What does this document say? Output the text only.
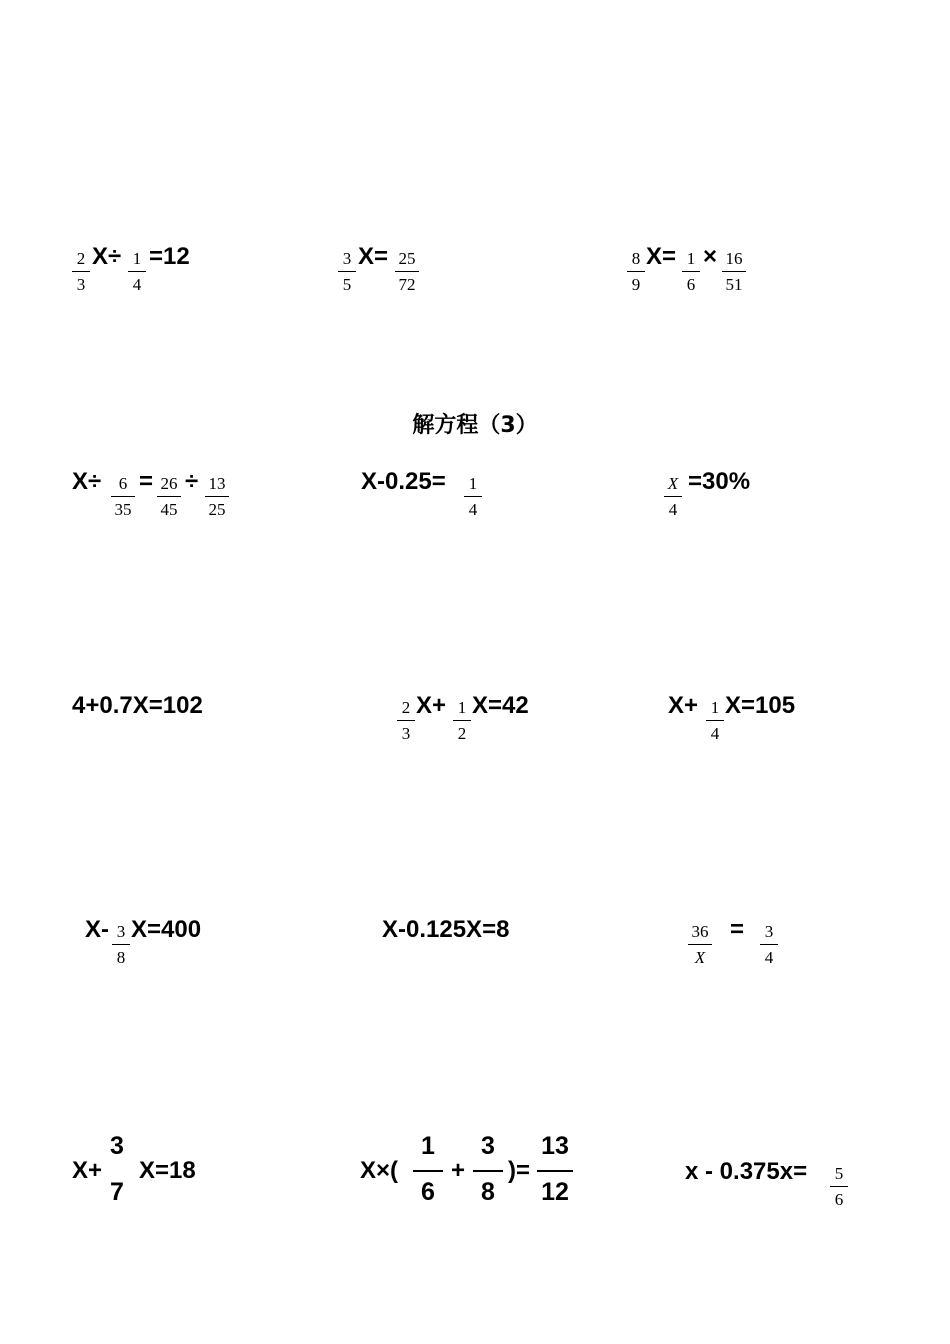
2
3
X÷ 1
4
=12	3
5
X= 25
72
8
9
X= 1
6
× 16
51
解方程（3）
X÷	6
35
= 26
45
÷ 13
25
X-0.25= 1
4
X
4
=30%
4+0.7X=102	2
3
X+ 1
2
X=42	X+ 1
4
X=105
X- 3
8
X=400	X-0.125X=8	36
X
= 3
4
X+
3
7
X=18	X×(
1
6
+
3
8
)=
13
12
x - 0.375x= 5
6
